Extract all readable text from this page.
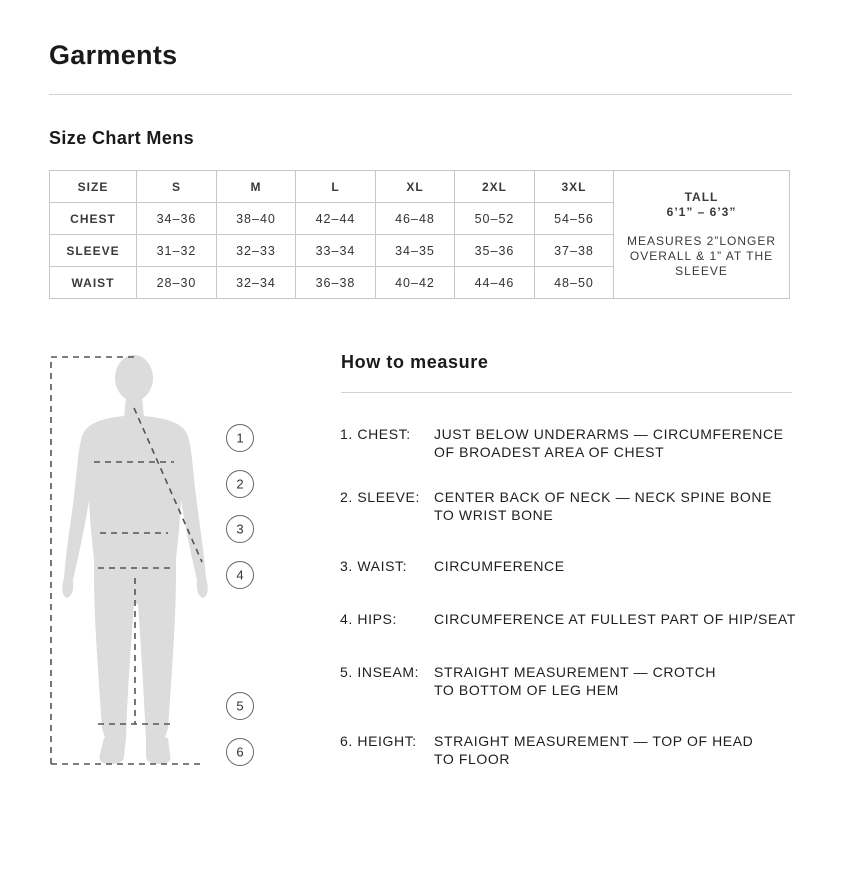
Garments
Size Chart Mens
SIZE	S	M	L	XL	2XL	3XL	TALL
6’1” – 6’3”
MEASURES 2”LONGER OVERALL & 1” AT THE SLEEVE

CHEST	34–36	38–40	42–44	46–48	50–52	54–56	
SLEEVE	31–32	32–33	33–34	34–35	35–36	37–38	
WAIST	28–30	32–34	36–38	40–42	44–46	48–50	
1
2
3
4
5
6
How to measure
1. CHEST:	JUST BELOW UNDERARMS — CIRCUMFERENCE
OF BROADEST AREA OF CHEST
2. SLEEVE:	CENTER BACK OF NECK — NECK SPINE BONE
TO WRIST BONE
3. WAIST:	CIRCUMFERENCE
4. HIPS:	CIRCUMFERENCE AT FULLEST PART OF HIP/SEAT
5. INSEAM:	STRAIGHT MEASUREMENT — CROTCH
TO BOTTOM OF LEG HEM
6. HEIGHT:	STRAIGHT MEASUREMENT — TOP OF HEAD
TO FLOOR
